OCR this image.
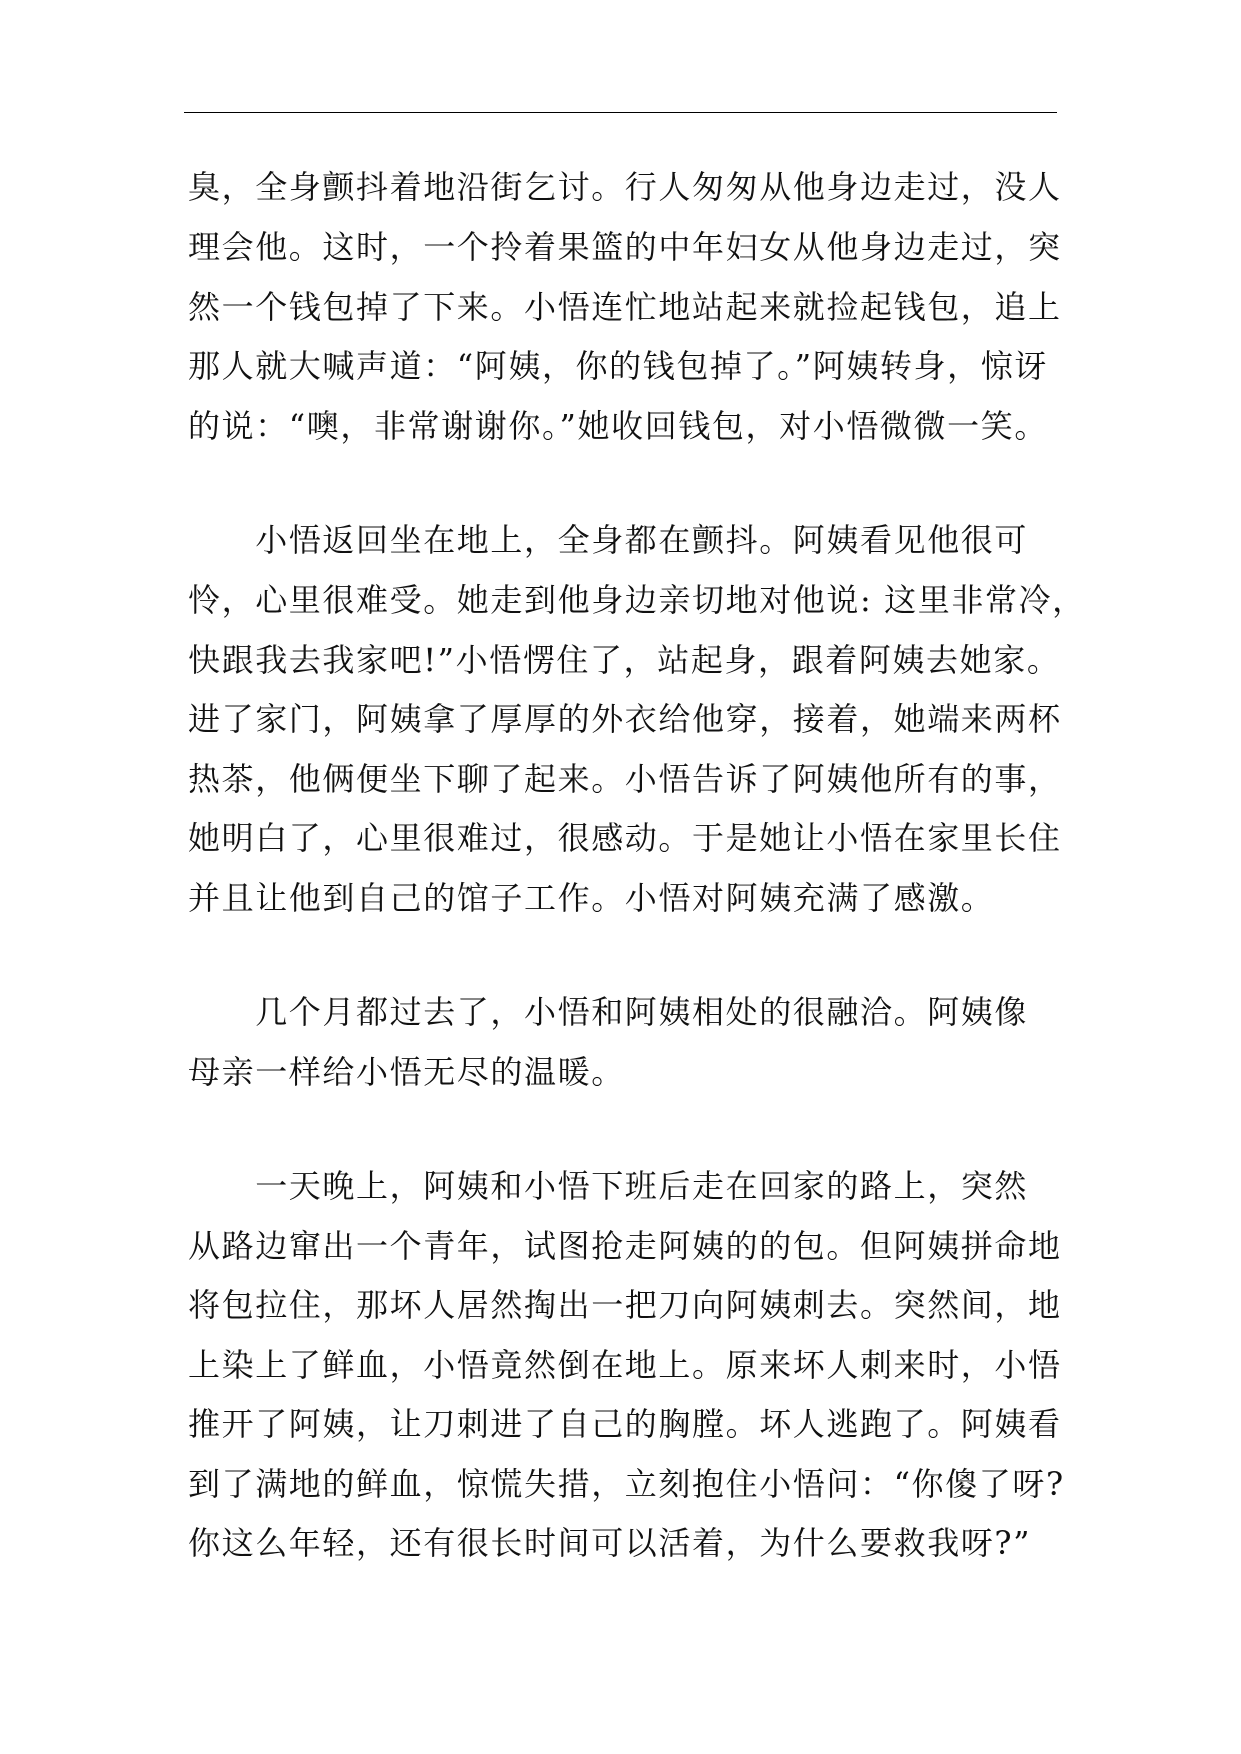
臭，全身颤抖着地沿街乞讨。行人匆匆从他身边走过，没人
理会他。这时，一个拎着果篮的中年妇女从他身边走过，突
然一个钱包掉了下来。小悟连忙地站起来就捡起钱包，追上
那人就大喊声道：“阿姨，你的钱包掉了。”阿姨转身，惊讶
的说：“噢，非常谢谢你。”她收回钱包，对小悟微微一笑。
　　小悟返回坐在地上，全身都在颤抖。阿姨看见他很可
怜，心里很难受。她走到他身边亲切地对他说: 这里非常冷，
快跟我去我家吧!”小悟愣住了，站起身，跟着阿姨去她家。
进了家门，阿姨拿了厚厚的外衣给他穿，接着，她端来两杯
热茶，他俩便坐下聊了起来。小悟告诉了阿姨他所有的事，
她明白了，心里很难过，很感动。于是她让小悟在家里长住
并且让他到自己的馆子工作。小悟对阿姨充满了感激。
　　几个月都过去了，小悟和阿姨相处的很融洽。阿姨像
母亲一样给小悟无尽的温暖。
　　一天晚上，阿姨和小悟下班后走在回家的路上，突然
从路边窜出一个青年，试图抢走阿姨的的包。但阿姨拼命地
将包拉住，那坏人居然掏出一把刀向阿姨刺去。突然间，地
上染上了鲜血，小悟竟然倒在地上。原来坏人刺来时，小悟
推开了阿姨，让刀刺进了自己的胸膛。坏人逃跑了。阿姨看
到了满地的鲜血，惊慌失措，立刻抱住小悟问：“你傻了呀?
你这么年轻，还有很长时间可以活着，为什么要救我呀?”
